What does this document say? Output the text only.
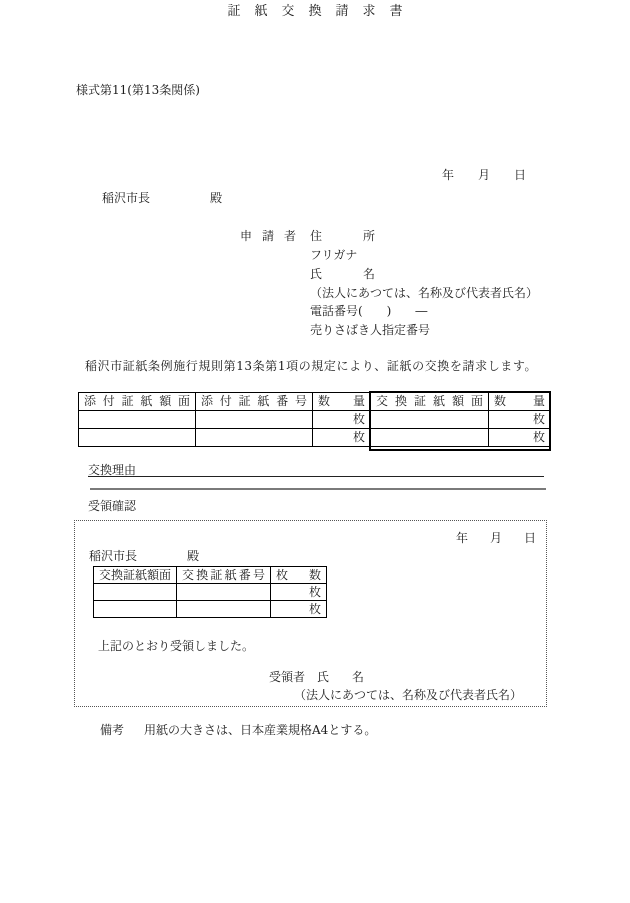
様式第11(第13条関係)
証紙交換請求書
年 月 日
稲沢市長	殿
申請者 住所
フリガナ
氏名
（法人にあつては、名称及び代表者氏名）
電話番号(　　)　　―
売りさばき人指定番号
稲沢市証紙条例施行規則第13条第1項の規定により、証紙の交換を請求します。
添付証紙額面	添付証紙番号	数量	交換証紙額面	数量
		枚		枚
		枚		枚
交換理由
受領確認
年 月 日
稲沢市長	殿
交換証紙額面	交換証紙番号	枚数
		枚
		枚
上記のとおり受領しました。
受領者 氏名
（法人にあつては、名称及び代表者氏名）
備考 用紙の大きさは、日本産業規格A4とする。
